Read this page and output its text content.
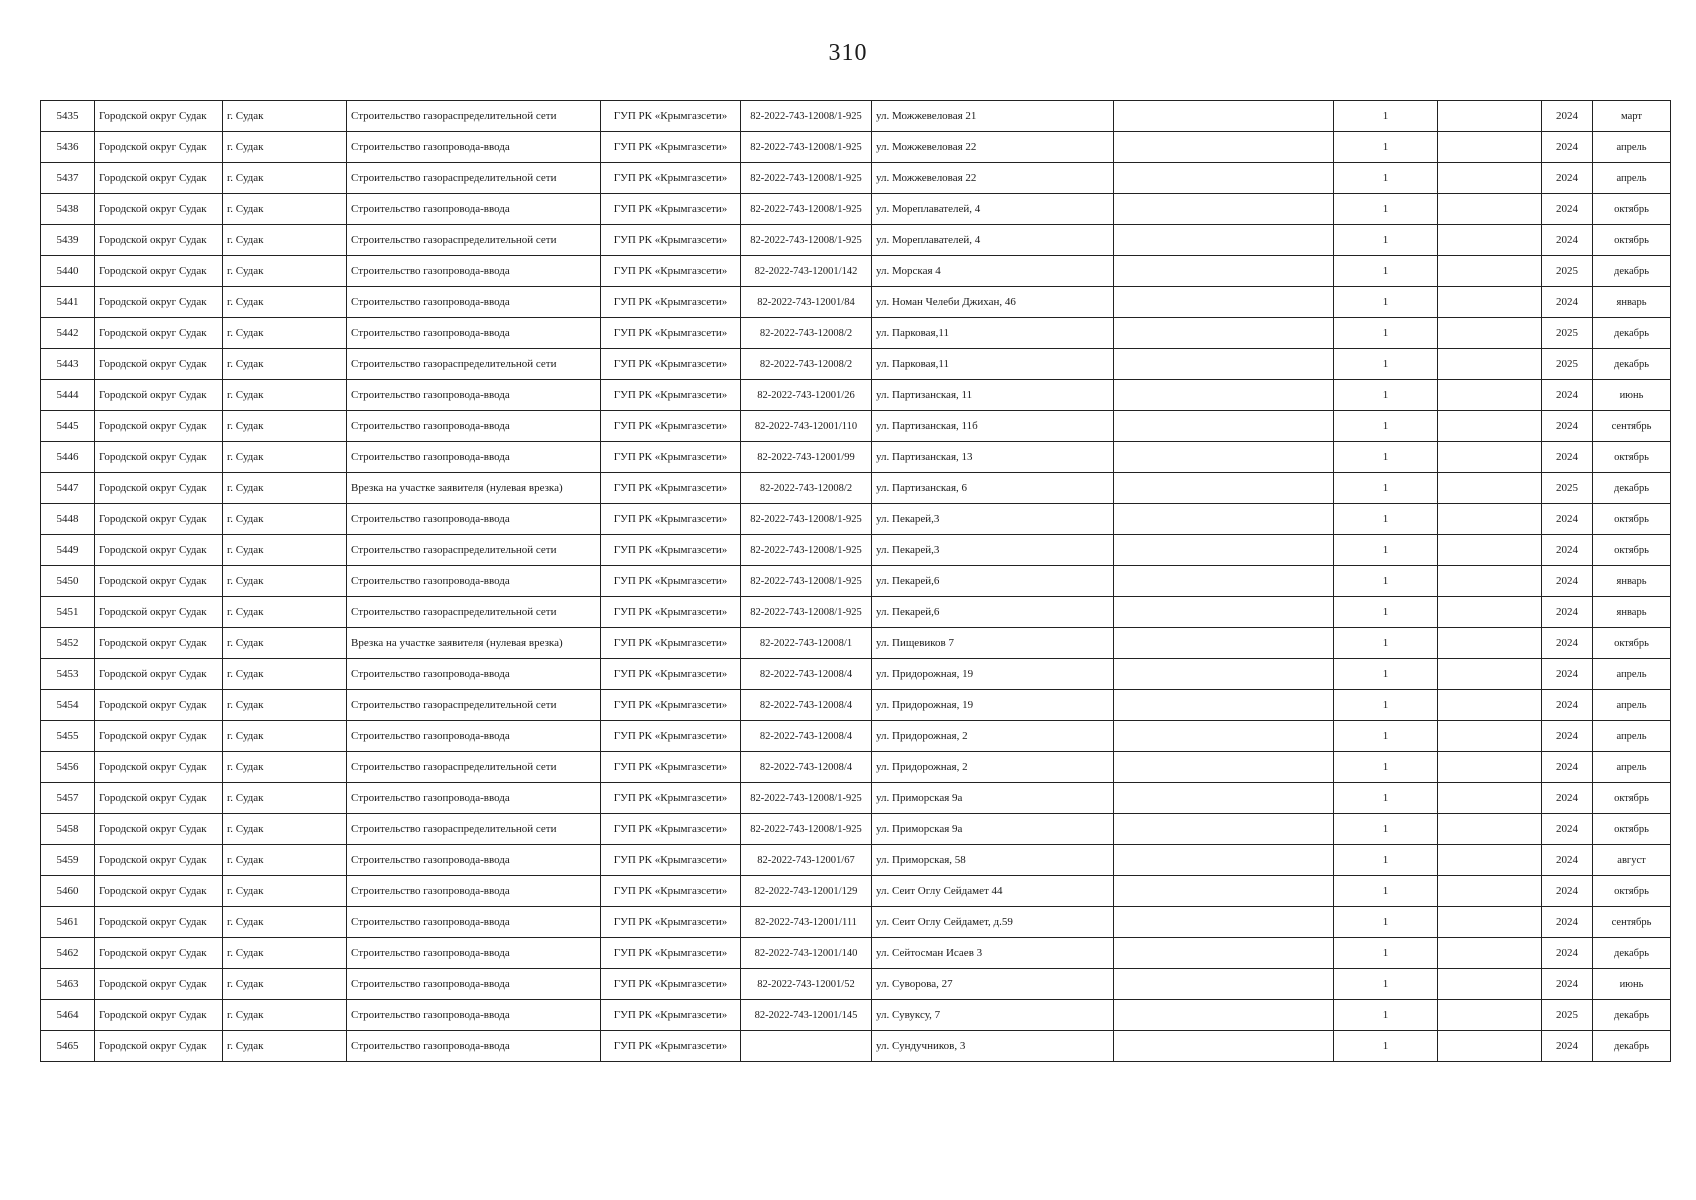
310
5435	Городской округ Судак	г. Судак	Строительство газораспределительной сети	ГУП РК «Крымгазсети»	82-2022-743-12008/1-925	ул. Можжевеловая 21		1		2024	март
5436	Городской округ Судак	г. Судак	Строительство газопровода-ввода	ГУП РК «Крымгазсети»	82-2022-743-12008/1-925	ул. Можжевеловая 22		1		2024	апрель
5437	Городской округ Судак	г. Судак	Строительство газораспределительной сети	ГУП РК «Крымгазсети»	82-2022-743-12008/1-925	ул. Можжевеловая 22		1		2024	апрель
5438	Городской округ Судак	г. Судак	Строительство газопровода-ввода	ГУП РК «Крымгазсети»	82-2022-743-12008/1-925	ул. Мореплавателей, 4		1		2024	октябрь
5439	Городской округ Судак	г. Судак	Строительство газораспределительной сети	ГУП РК «Крымгазсети»	82-2022-743-12008/1-925	ул. Мореплавателей, 4		1		2024	октябрь
5440	Городской округ Судак	г. Судак	Строительство газопровода-ввода	ГУП РК «Крымгазсети»	82-2022-743-12001/142	ул. Морская 4		1		2025	декабрь
5441	Городской округ Судак	г. Судак	Строительство газопровода-ввода	ГУП РК «Крымгазсети»	82-2022-743-12001/84	ул. Номан Челеби Джихан, 46		1		2024	январь
5442	Городской округ Судак	г. Судак	Строительство газопровода-ввода	ГУП РК «Крымгазсети»	82-2022-743-12008/2	ул. Парковая,11		1		2025	декабрь
5443	Городской округ Судак	г. Судак	Строительство газораспределительной сети	ГУП РК «Крымгазсети»	82-2022-743-12008/2	ул. Парковая,11		1		2025	декабрь
5444	Городской округ Судак	г. Судак	Строительство газопровода-ввода	ГУП РК «Крымгазсети»	82-2022-743-12001/26	ул. Партизанская, 11		1		2024	июнь
5445	Городской округ Судак	г. Судак	Строительство газопровода-ввода	ГУП РК «Крымгазсети»	82-2022-743-12001/110	ул. Партизанская, 11б		1		2024	сентябрь
5446	Городской округ Судак	г. Судак	Строительство газопровода-ввода	ГУП РК «Крымгазсети»	82-2022-743-12001/99	ул. Партизанская, 13		1		2024	октябрь
5447	Городской округ Судак	г. Судак	Врезка на участке заявителя (нулевая врезка)	ГУП РК «Крымгазсети»	82-2022-743-12008/2	ул. Партизанская, 6		1		2025	декабрь
5448	Городской округ Судак	г. Судак	Строительство газопровода-ввода	ГУП РК «Крымгазсети»	82-2022-743-12008/1-925	ул. Пекарей,3		1		2024	октябрь
5449	Городской округ Судак	г. Судак	Строительство газораспределительной сети	ГУП РК «Крымгазсети»	82-2022-743-12008/1-925	ул. Пекарей,3		1		2024	октябрь
5450	Городской округ Судак	г. Судак	Строительство газопровода-ввода	ГУП РК «Крымгазсети»	82-2022-743-12008/1-925	ул. Пекарей,6		1		2024	январь
5451	Городской округ Судак	г. Судак	Строительство газораспределительной сети	ГУП РК «Крымгазсети»	82-2022-743-12008/1-925	ул. Пекарей,6		1		2024	январь
5452	Городской округ Судак	г. Судак	Врезка на участке заявителя (нулевая врезка)	ГУП РК «Крымгазсети»	82-2022-743-12008/1	ул. Пищевиков 7		1		2024	октябрь
5453	Городской округ Судак	г. Судак	Строительство газопровода-ввода	ГУП РК «Крымгазсети»	82-2022-743-12008/4	ул. Придорожная, 19		1		2024	апрель
5454	Городской округ Судак	г. Судак	Строительство газораспределительной сети	ГУП РК «Крымгазсети»	82-2022-743-12008/4	ул. Придорожная, 19		1		2024	апрель
5455	Городской округ Судак	г. Судак	Строительство газопровода-ввода	ГУП РК «Крымгазсети»	82-2022-743-12008/4	ул. Придорожная, 2		1		2024	апрель
5456	Городской округ Судак	г. Судак	Строительство газораспределительной сети	ГУП РК «Крымгазсети»	82-2022-743-12008/4	ул. Придорожная, 2		1		2024	апрель
5457	Городской округ Судак	г. Судак	Строительство газопровода-ввода	ГУП РК «Крымгазсети»	82-2022-743-12008/1-925	ул. Приморская 9а		1		2024	октябрь
5458	Городской округ Судак	г. Судак	Строительство газораспределительной сети	ГУП РК «Крымгазсети»	82-2022-743-12008/1-925	ул. Приморская 9а		1		2024	октябрь
5459	Городской округ Судак	г. Судак	Строительство газопровода-ввода	ГУП РК «Крымгазсети»	82-2022-743-12001/67	ул. Приморская, 58		1		2024	август
5460	Городской округ Судак	г. Судак	Строительство газопровода-ввода	ГУП РК «Крымгазсети»	82-2022-743-12001/129	ул. Сеит Оглу Сейдамет 44		1		2024	октябрь
5461	Городской округ Судак	г. Судак	Строительство газопровода-ввода	ГУП РК «Крымгазсети»	82-2022-743-12001/111	ул. Сеит Оглу Сейдамет, д.59		1		2024	сентябрь
5462	Городской округ Судак	г. Судак	Строительство газопровода-ввода	ГУП РК «Крымгазсети»	82-2022-743-12001/140	ул. Сейтосман Исаев 3		1		2024	декабрь
5463	Городской округ Судак	г. Судак	Строительство газопровода-ввода	ГУП РК «Крымгазсети»	82-2022-743-12001/52	ул. Суворова, 27		1		2024	июнь
5464	Городской округ Судак	г. Судак	Строительство газопровода-ввода	ГУП РК «Крымгазсети»	82-2022-743-12001/145	ул. Сувуксу, 7		1		2025	декабрь
5465	Городской округ Судак	г. Судак	Строительство газопровода-ввода	ГУП РК «Крымгазсети»		ул. Сундучников, 3		1		2024	декабрь
